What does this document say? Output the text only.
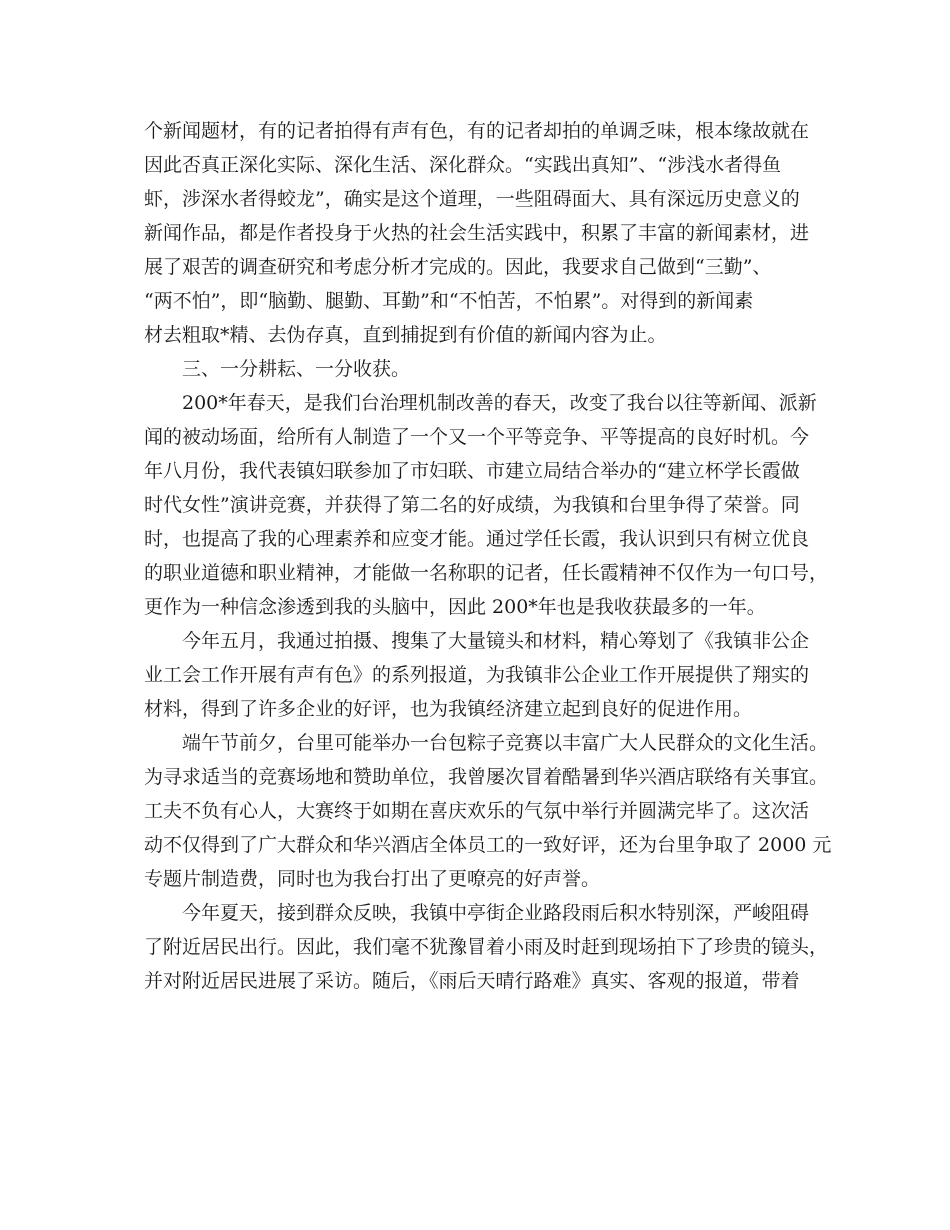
个新闻题材，有的记者拍得有声有色，有的记者却拍的单调乏味，根本缘故就在
因此否真正深化实际、深化生活、深化群众。“实践出真知”、“涉浅水者得鱼
虾，涉深水者得蛟龙”，确实是这个道理，一些阻碍面大、具有深远历史意义的
新闻作品，都是作者投身于火热的社会生活实践中，积累了丰富的新闻素材，进
展了艰苦的调查研究和考虑分析才完成的。因此，我要求自己做到“三勤”、
“两不怕”，即“脑勤、腿勤、耳勤”和“不怕苦，不怕累”。对得到的新闻素
材去粗取*精、去伪存真，直到捕捉到有价值的新闻内容为止。
三、一分耕耘、一分收获。
200*年春天，是我们台治理机制改善的春天，改变了我台以往等新闻、派新
闻的被动场面，给所有人制造了一个又一个平等竞争、平等提高的良好时机。今
年八月份，我代表镇妇联参加了市妇联、市建立局结合举办的“建立杯学长霞做
时代女性”演讲竞赛，并获得了第二名的好成绩，为我镇和台里争得了荣誉。同
时，也提高了我的心理素养和应变才能。通过学任长霞，我认识到只有树立优良
的职业道德和职业精神，才能做一名称职的记者，任长霞精神不仅作为一句口号，
更作为一种信念渗透到我的头脑中，因此 200*年也是我收获最多的一年。
今年五月，我通过拍摄、搜集了大量镜头和材料，精心筹划了《我镇非公企
业工会工作开展有声有色》的系列报道，为我镇非公企业工作开展提供了翔实的
材料，得到了许多企业的好评，也为我镇经济建立起到良好的促进作用。
端午节前夕，台里可能举办一台包粽子竞赛以丰富广大人民群众的文化生活。
为寻求适当的竞赛场地和赞助单位，我曾屡次冒着酷暑到华兴酒店联络有关事宜。
工夫不负有心人，大赛终于如期在喜庆欢乐的气氛中举行并圆满完毕了。这次活
动不仅得到了广大群众和华兴酒店全体员工的一致好评，还为台里争取了 2000 元
专题片制造费，同时也为我台打出了更嘹亮的好声誉。
今年夏天，接到群众反映，我镇中亭街企业路段雨后积水特别深，严峻阻碍
了附近居民出行。因此，我们毫不犹豫冒着小雨及时赶到现场拍下了珍贵的镜头，
并对附近居民进展了采访。随后，《雨后天晴行路难》真实、客观的报道，带着
